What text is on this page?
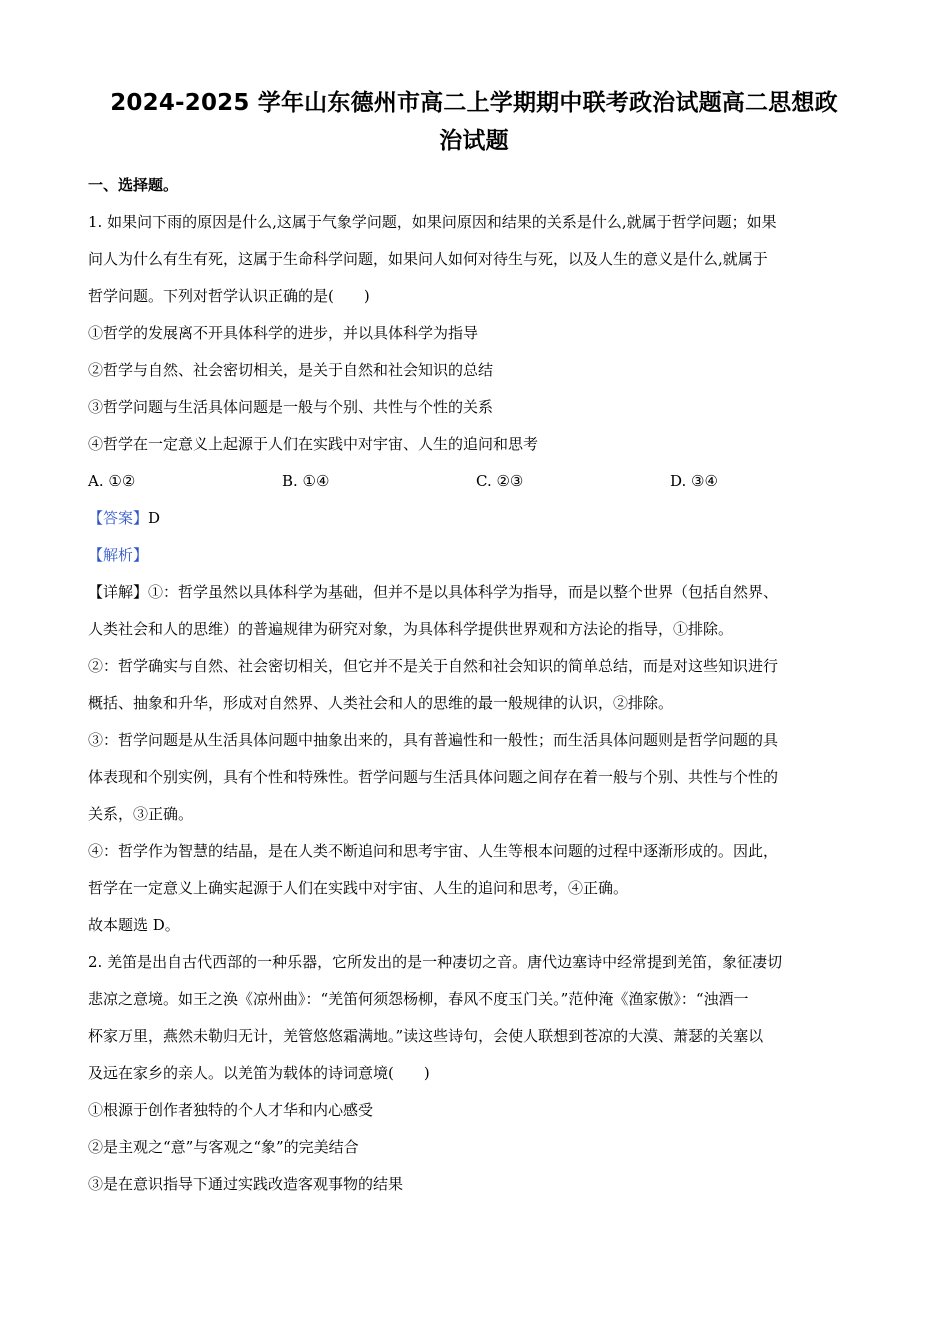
2024-2025 学年山东德州市高二上学期期中联考政治试题高二思想政
治试题

一、选择题。

1. 如果问下雨的原因是什么,这属于气象学问题，如果问原因和结果的关系是什么,就属于哲学问题；如果
问人为什么有生有死，这属于生命科学问题，如果问人如何对待生与死，以及人生的意义是什么,就属于
哲学问题。下列对哲学认识正确的是(　　)

①哲学的发展离不开具体科学的进步，并以具体科学为指导

②哲学与自然、社会密切相关，是关于自然和社会知识的总结

③哲学问题与生活具体问题是一般与个别、共性与个性的关系

④哲学在一定意义上起源于人们在实践中对宇宙、人生的追问和思考

A. ①②	B. ①④	C. ②③	D. ③④

【答案】D

【解析】

【详解】①：哲学虽然以具体科学为基础，但并不是以具体科学为指导，而是以整个世界（包括自然界、
人类社会和人的思维）的普遍规律为研究对象，为具体科学提供世界观和方法论的指导，①排除。

②：哲学确实与自然、社会密切相关，但它并不是关于自然和社会知识的简单总结，而是对这些知识进行
概括、抽象和升华，形成对自然界、人类社会和人的思维的最一般规律的认识，②排除。

③：哲学问题是从生活具体问题中抽象出来的，具有普遍性和一般性；而生活具体问题则是哲学问题的具
体表现和个别实例，具有个性和特殊性。哲学问题与生活具体问题之间存在着一般与个别、共性与个性的
关系，③正确。

④：哲学作为智慧的结晶，是在人类不断追问和思考宇宙、人生等根本问题的过程中逐渐形成的。因此，
哲学在一定意义上确实起源于人们在实践中对宇宙、人生的追问和思考，④正确。

故本题选 D。

2. 羌笛是出自古代西部的一种乐器，它所发出的是一种凄切之音。唐代边塞诗中经常提到羌笛，象征凄切
悲凉之意境。如王之涣《凉州曲》：“羌笛何须怨杨柳，春风不度玉门关。”范仲淹《渔家傲》：“浊酒一
杯家万里，燕然未勒归无计，羌管悠悠霜满地。”读这些诗句，会使人联想到苍凉的大漠、萧瑟的关塞以
及远在家乡的亲人。以羌笛为载体的诗词意境(　　)

①根源于创作者独特的个人才华和内心感受

②是主观之“意”与客观之“象”的完美结合

③是在意识指导下通过实践改造客观事物的结果
